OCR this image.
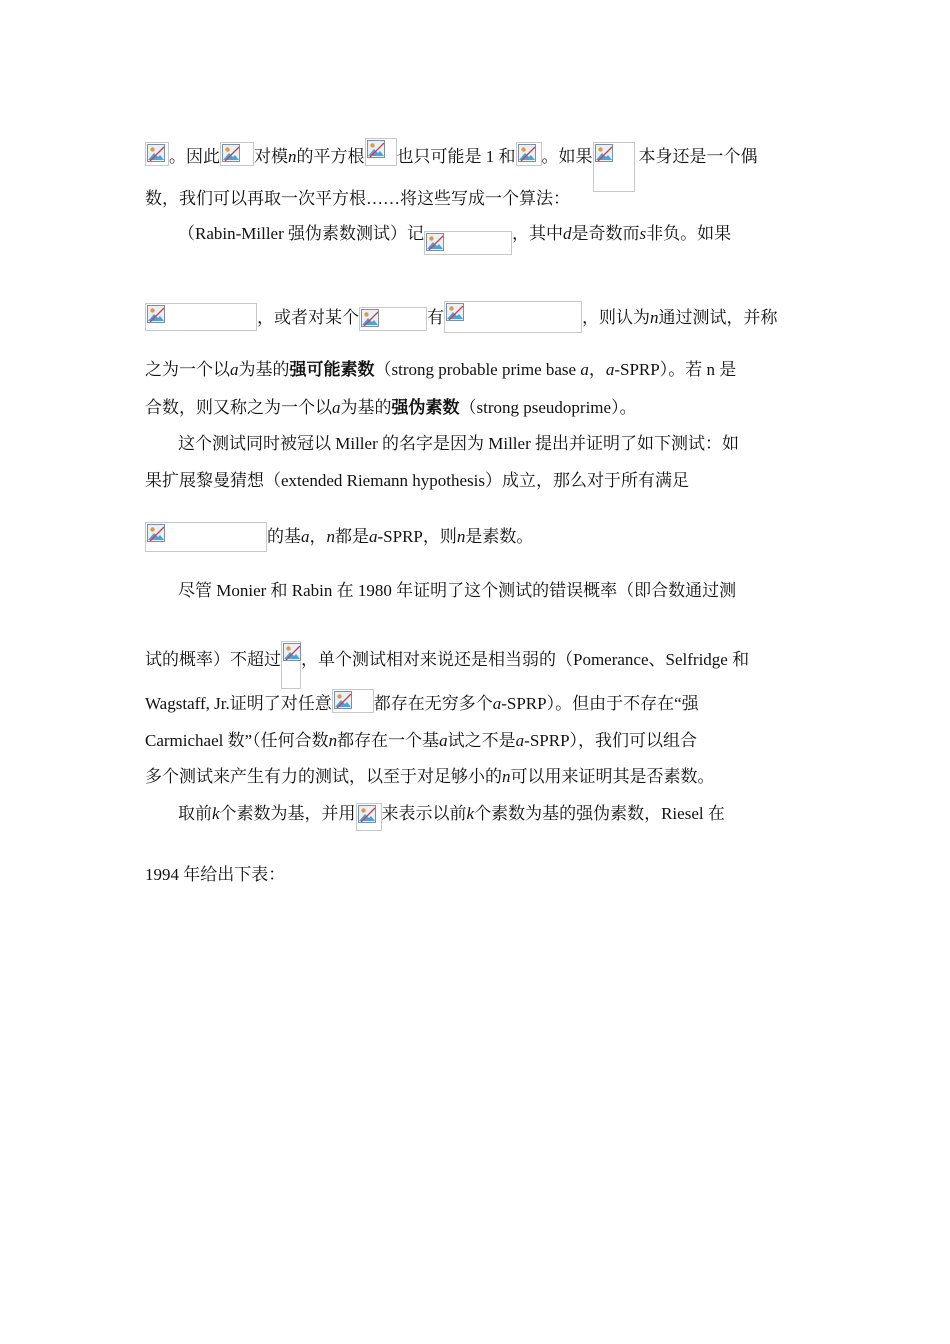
。因此 对模n的平方根 也只可能是 1 和 。如果	本身还是一个偶
数，我们可以再取一次平方根……将这些写成一个算法：
（Rabin-Miller 强伪素数测试）记	，其中d是奇数而s非负。如果
，或者对某个	有	，则认为n通过测试，并称
之为一个以a为基的强可能素数（strong probable prime base a，a-SPRP）。若 n 是
合数，则又称之为一个以a为基的强伪素数（strong pseudoprime）。
这个测试同时被冠以 Miller 的名字是因为 Miller 提出并证明了如下测试：如
果扩展黎曼猜想（extended Riemann hypothesis）成立，那么对于所有满足
的基a，n都是a-SPRP，则n是素数。
尽管 Monier 和 Rabin 在 1980 年证明了这个测试的错误概率（即合数通过测
试的概率）不超过 ，单个测试相对来说还是相当弱的（Pomerance、Selfridge 和
Wagstaff, Jr.证明了对任意 都存在无穷多个a-SPRP）。但由于不存在“强
Carmichael 数”（任何合数n都存在一个基a试之不是a-SPRP），我们可以组合
多个测试来产生有力的测试，以至于对足够小的n可以用来证明其是否素数。
取前k个素数为基，并用 来表示以前k个素数为基的强伪素数，Riesel 在
1994 年给出下表：
